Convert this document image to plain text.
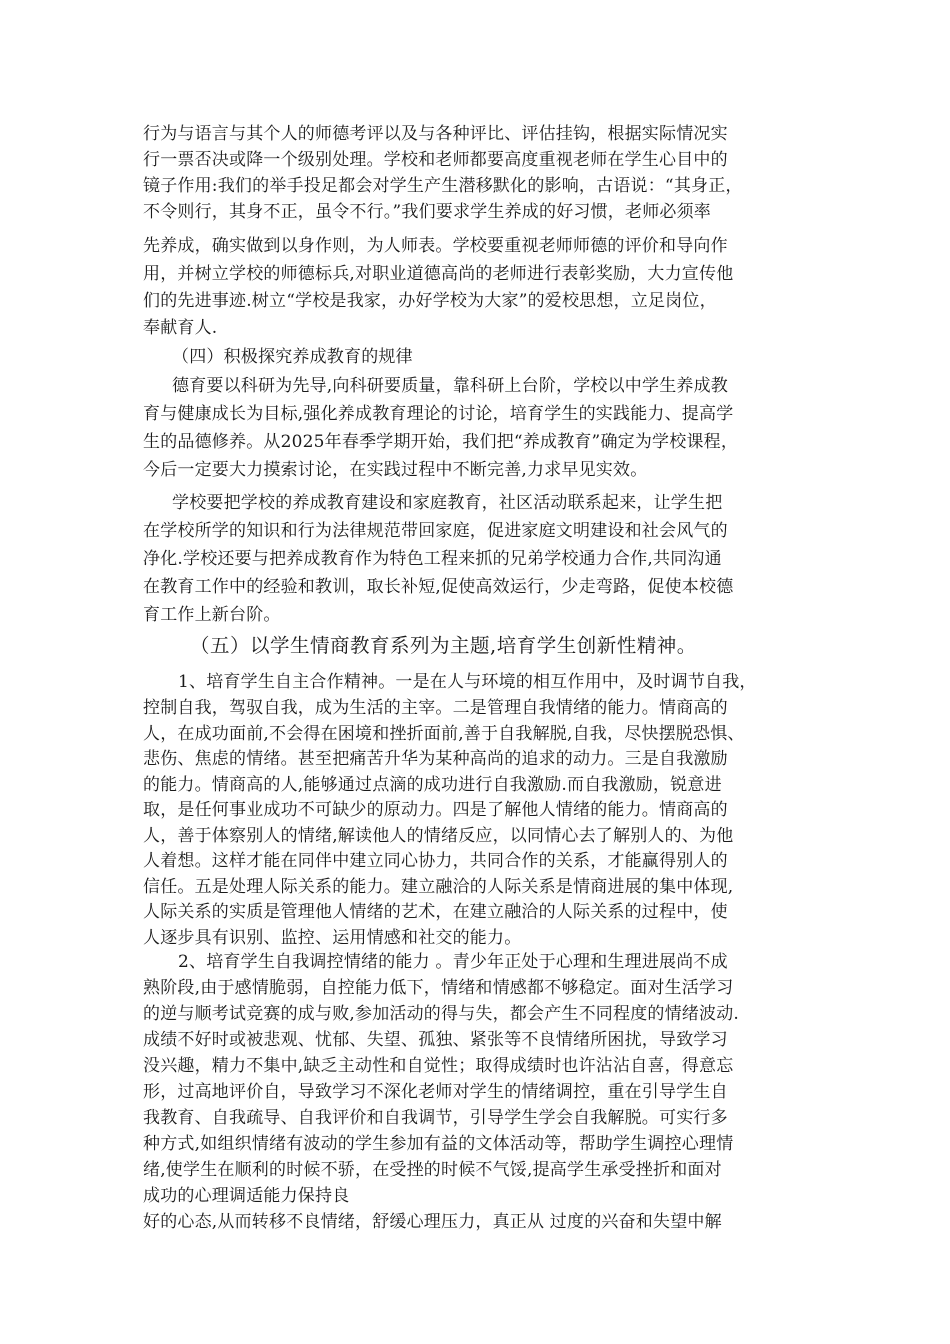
行为与语言与其个人的师德考评以及与各种评比、评估挂钩，根据实际情况实
行一票否决或降一个级别处理。学校和老师都要高度重视老师在学生心目中的
镜子作用:我们的举手投足都会对学生产生潜移默化的影响，古语说：“其身正，
不令则行，其身不正，虽令不行。”我们要求学生养成的好习惯，老师必须率
先养成，确实做到以身作则，为人师表。学校要重视老师师德的评价和导向作
用，并树立学校的师德标兵,对职业道德高尚的老师进行表彰奖励，大力宣传他
们的先进事迹.树立“学校是我家，办好学校为大家”的爱校思想，立足岗位，
奉献育人.
（四）积极探究养成教育的规律
德育要以科研为先导,向科研要质量，靠科研上台阶，学校以中学生养成教
育与健康成长为目标,强化养成教育理论的讨论，培育学生的实践能力、提高学
生的品德修养。从2025年春季学期开始，我们把“养成教育”确定为学校课程，
今后一定要大力摸索讨论，在实践过程中不断完善,力求早见实效。
学校要把学校的养成教育建设和家庭教育，社区活动联系起来，让学生把
在学校所学的知识和行为法律规范带回家庭，促进家庭文明建设和社会风气的
净化.学校还要与把养成教育作为特色工程来抓的兄弟学校通力合作,共同沟通
在教育工作中的经验和教训，取长补短,促使高效运行，少走弯路，促使本校德
育工作上新台阶。
（五）以学生情商教育系列为主题,培育学生创新性精神。
1、培育学生自主合作精神。一是在人与环境的相互作用中，及时调节自我，
控制自我，驾驭自我，成为生活的主宰。二是管理自我情绪的能力。情商高的
人，在成功面前,不会得在困境和挫折面前,善于自我解脱,自我，尽快摆脱恐惧、
悲伤、焦虑的情绪。甚至把痛苦升华为某种高尚的追求的动力。三是自我激励
的能力。情商高的人,能够通过点滴的成功进行自我激励.而自我激励，锐意进
取，是任何事业成功不可缺少的原动力。四是了解他人情绪的能力。情商高的
人，善于体察别人的情绪,解读他人的情绪反应，以同情心去了解别人的、为他
人着想。这样才能在同伴中建立同心协力，共同合作的关系，才能赢得别人的
信任。五是处理人际关系的能力。建立融洽的人际关系是情商进展的集中体现,
人际关系的实质是管理他人情绪的艺术，在建立融洽的人际关系的过程中，使
人逐步具有识别、监控、运用情感和社交的能力。
2、培育学生自我调控情绪的能力 。青少年正处于心理和生理进展尚不成
熟阶段,由于感情脆弱，自控能力低下，情绪和情感都不够稳定。面对生活学习
的逆与顺考试竞赛的成与败,参加活动的得与失，都会产生不同程度的情绪波动.
成绩不好时或被悲观、忧郁、失望、孤独、紧张等不良情绪所困扰，导致学习
没兴趣，精力不集中,缺乏主动性和自觉性；取得成绩时也许沾沾自喜，得意忘
形，过高地评价自，导致学习不深化老师对学生的情绪调控，重在引导学生自
我教育、自我疏导、自我评价和自我调节，引导学生学会自我解脱。可实行多
种方式,如组织情绪有波动的学生参加有益的文体活动等，帮助学生调控心理情
绪,使学生在顺利的时候不骄，在受挫的时候不气馁,提高学生承受挫折和面对
成功的心理调适能力保持良
好的心态,从而转移不良情绪，舒缓心理压力，真正从 过度的兴奋和失望中解
